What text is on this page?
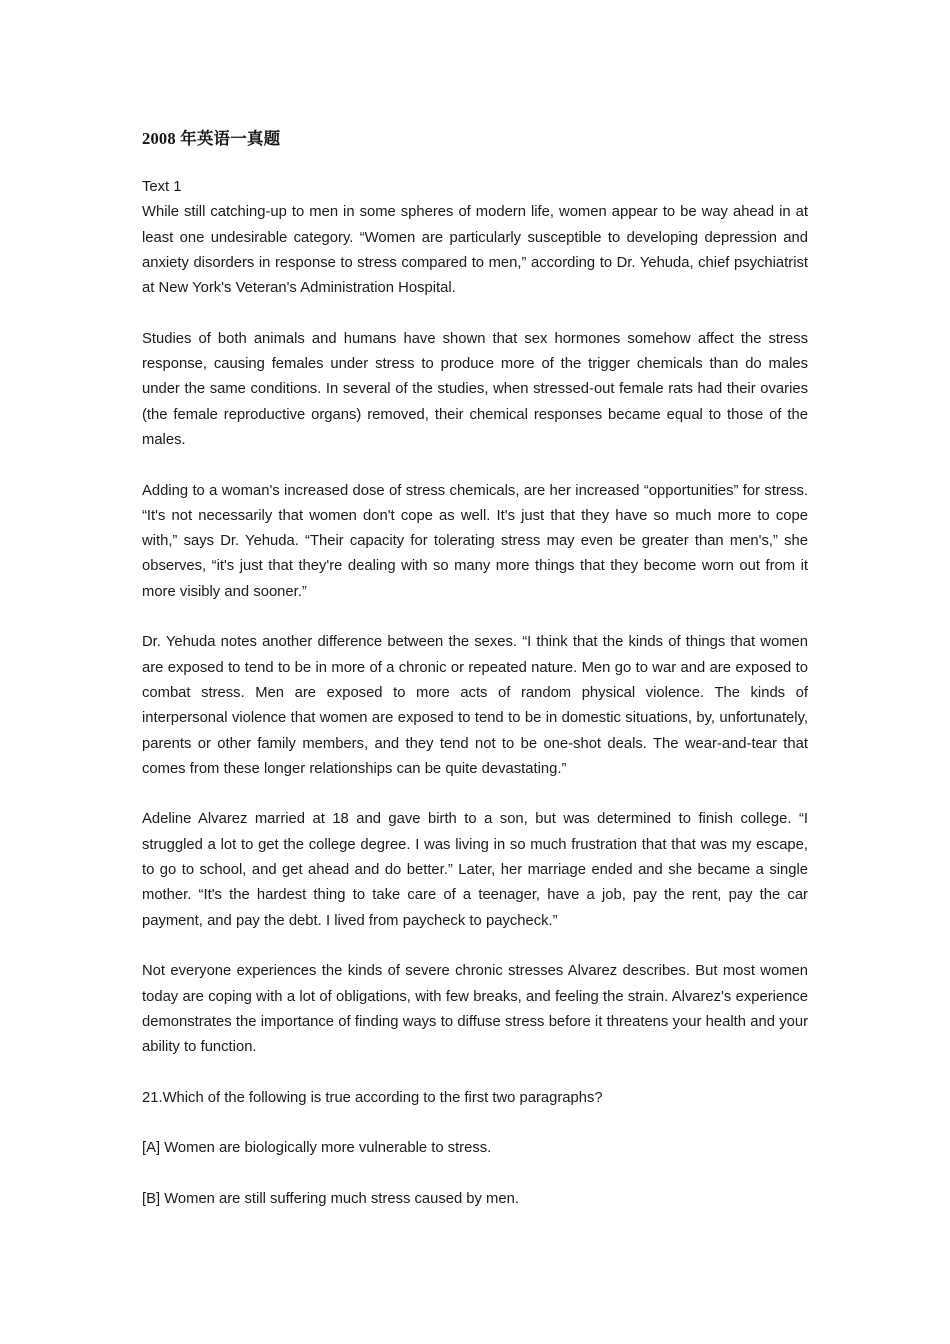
2008 年英语一真题

Text 1

While still catching-up to men in some spheres of modern life, women appear to be way ahead in at least one undesirable category. “Women are particularly susceptible to developing depression and anxiety disorders in response to stress compared to men,” according to Dr. Yehuda, chief psychiatrist at New York's Veteran's Administration Hospital.

Studies of both animals and humans have shown that sex hormones somehow affect the stress response, causing females under stress to produce more of the trigger chemicals than do males under the same conditions. In several of the studies, when stressed-out female rats had their ovaries (the female reproductive organs) removed, their chemical responses became equal to those of the males.

Adding to a woman's increased dose of stress chemicals, are her increased “opportunities” for stress. “It's not necessarily that women don't cope as well. It's just that they have so much more to cope with,” says Dr. Yehuda. “Their capacity for tolerating stress may even be greater than men's,” she observes, “it's just that they're dealing with so many more things that they become worn out from it more visibly and sooner.”

Dr. Yehuda notes another difference between the sexes. “I think that the kinds of things that women are exposed to tend to be in more of a chronic or repeated nature. Men go to war and are exposed to combat stress. Men are exposed to more acts of random physical violence. The kinds of interpersonal violence that women are exposed to tend to be in domestic situations, by, unfortunately, parents or other family members, and they tend not to be one-shot deals. The wear-and-tear that comes from these longer relationships can be quite devastating.”

Adeline Alvarez married at 18 and gave birth to a son, but was determined to finish college. “I struggled a lot to get the college degree. I was living in so much frustration that that was my escape, to go to school, and get ahead and do better.” Later, her marriage ended and she became a single mother. “It's the hardest thing to take care of a teenager, have a job, pay the rent, pay the car payment, and pay the debt. I lived from paycheck to paycheck.”

Not everyone experiences the kinds of severe chronic stresses Alvarez describes. But most women today are coping with a lot of obligations, with few breaks, and feeling the strain. Alvarez's experience demonstrates the importance of finding ways to diffuse stress before it threatens your health and your ability to function.

21.Which of the following is true according to the first two paragraphs?

[A] Women are biologically more vulnerable to stress.

[B] Women are still suffering much stress caused by men.
